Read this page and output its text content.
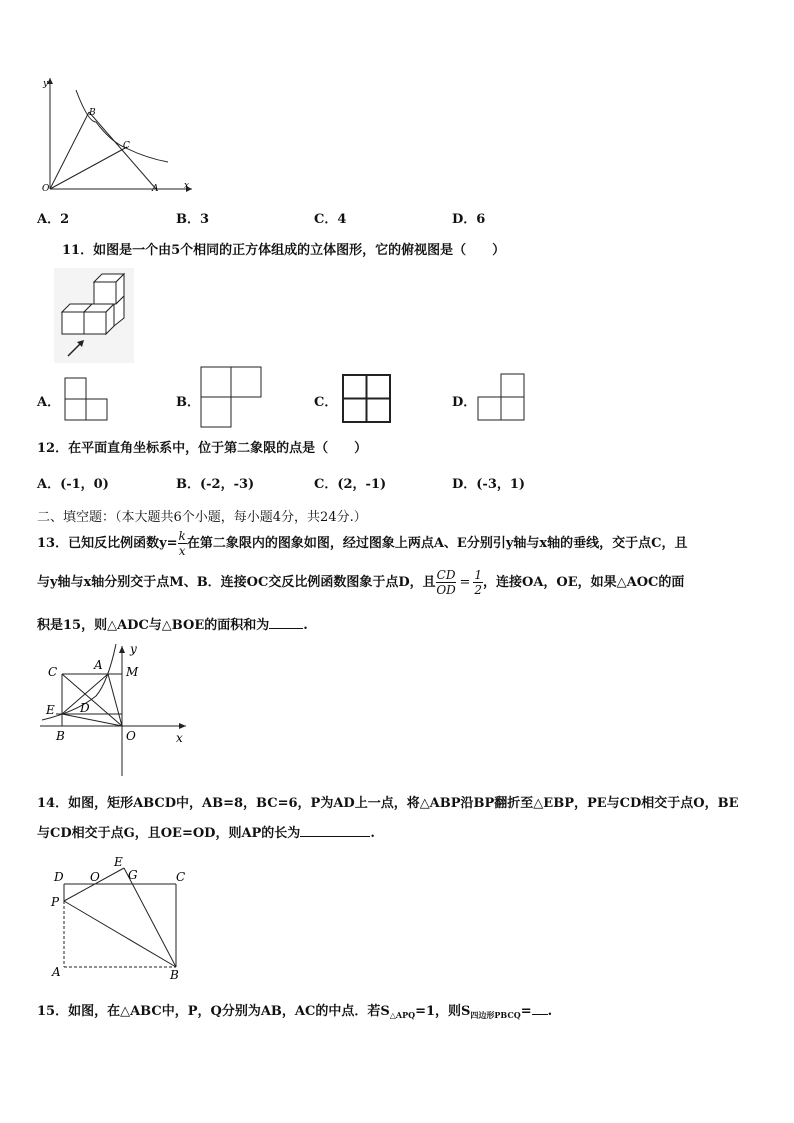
y
x
O	A
B
C
A．2	B．3	C．4	D．6
11．如图是一个由5个相同的正方体组成的立体图形，它的俯视图是（　　）
A．	B．	C．	D．
12．在平面直角坐标系中，位于第二象限的点是（　　）
A．(-1，0)	B．(-2，-3)	C．(2，-1)	D．(-3，1)
二、填空题：（本大题共6个小题，每小题4分，共24分.）
13．已知反比例函数$y= \frac{k}{x}$ 在第二象限内的图象如图，经过图象上两点A、E分别引y轴与x轴的垂线，交于点C，且
与y轴与x轴分别交于点M、B．连接OC交反比例函数图象于点D，且 $\frac{CD}{OD} = \frac{1}{2}$ ，连接OA，OE，如果△AOC的面
积是15，则△ADC与△BOE的面积和为	.
C	A M
y
E D
B	O	x
14．如图，矩形ABCD中，AB=8，BC=6，P为AD上一点，将△ABP沿BP翻折至△EBP，PE与CD相交于点O，BE
与CD相交于点G，且OE=OD，则AP的长为	.
D O
E
G	C
P
A	B
15．如图，在△ABC中，P，Q分别为AB，AC的中点．若$S_{\triangle APQ}=1$，则$S_{四边形PBCQ}=$ .
